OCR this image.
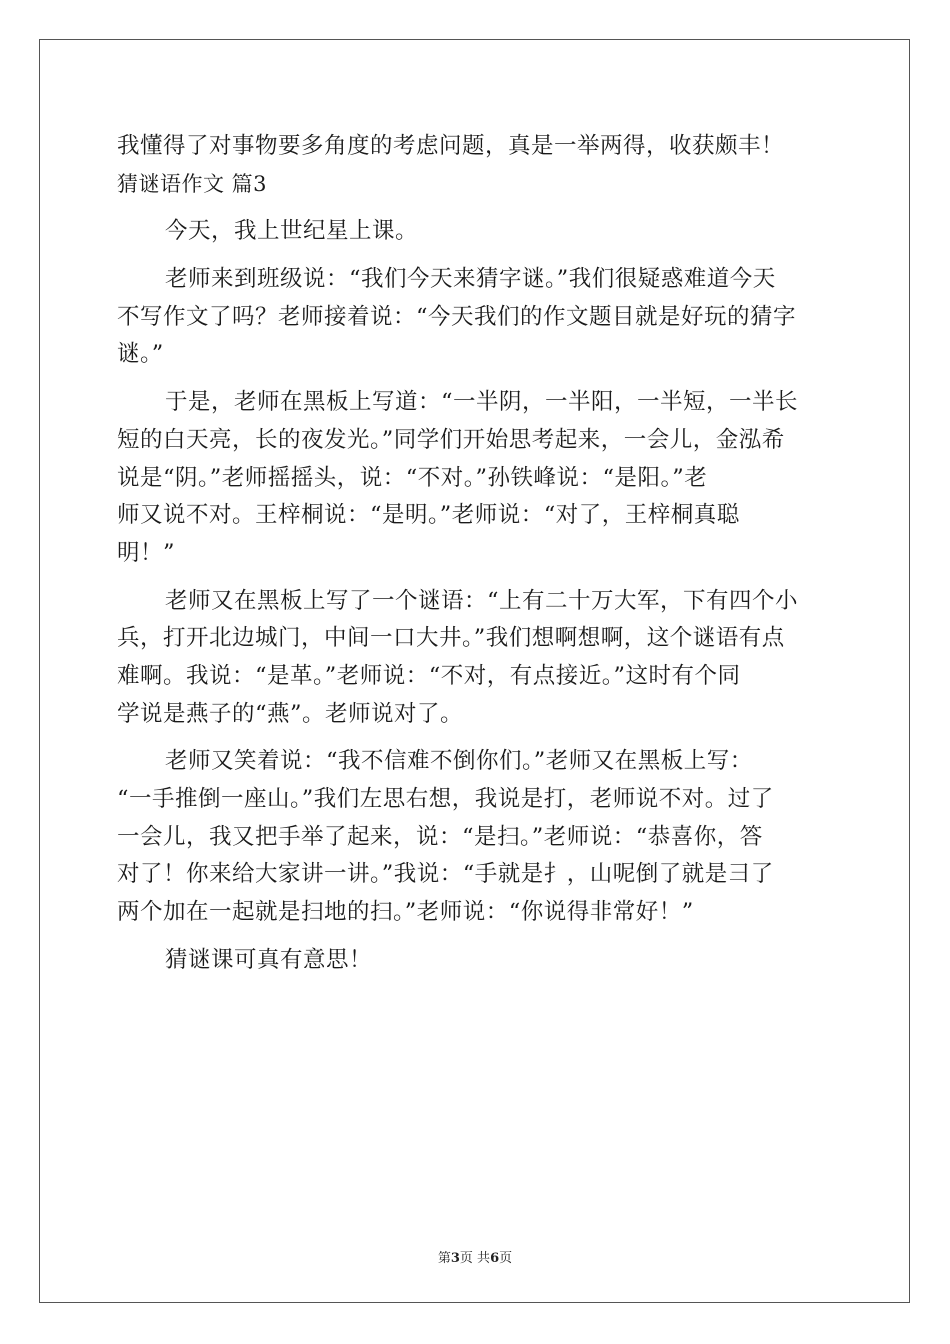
我懂得了对事物要多角度的考虑问题，真是一举两得，收获颇丰！
猜谜语作文 篇3
今天，我上世纪星上课。
老师来到班级说：“我们今天来猜字谜。”我们很疑惑难道今天
不写作文了吗？老师接着说：“今天我们的作文题目就是好玩的猜字
谜。”
于是，老师在黑板上写道：“一半阴，一半阳，一半短，一半长
短的白天亮，长的夜发光。”同学们开始思考起来，一会儿，金泓希
说是“阴。”老师摇摇头，说：“不对。”孙铁峰说：“是阳。”老
师又说不对。王梓桐说：“是明。”老师说：“对了，王梓桐真聪
明！”
老师又在黑板上写了一个谜语：“上有二十万大军，下有四个小
兵，打开北边城门，中间一口大井。”我们想啊想啊，这个谜语有点
难啊。我说：“是革。”老师说：“不对，有点接近。”这时有个同
学说是燕子的“燕”。老师说对了。
老师又笑着说：“我不信难不倒你们。”老师又在黑板上写：
“一手推倒一座山。”我们左思右想，我说是打，老师说不对。过了
一会儿，我又把手举了起来，说：“是扫。”老师说：“恭喜你，答
对了！你来给大家讲一讲。”我说：“手就是扌，山呢倒了就是彐了
两个加在一起就是扫地的扫。”老师说：“你说得非常好！”
猜谜课可真有意思！
第3页 共6页
